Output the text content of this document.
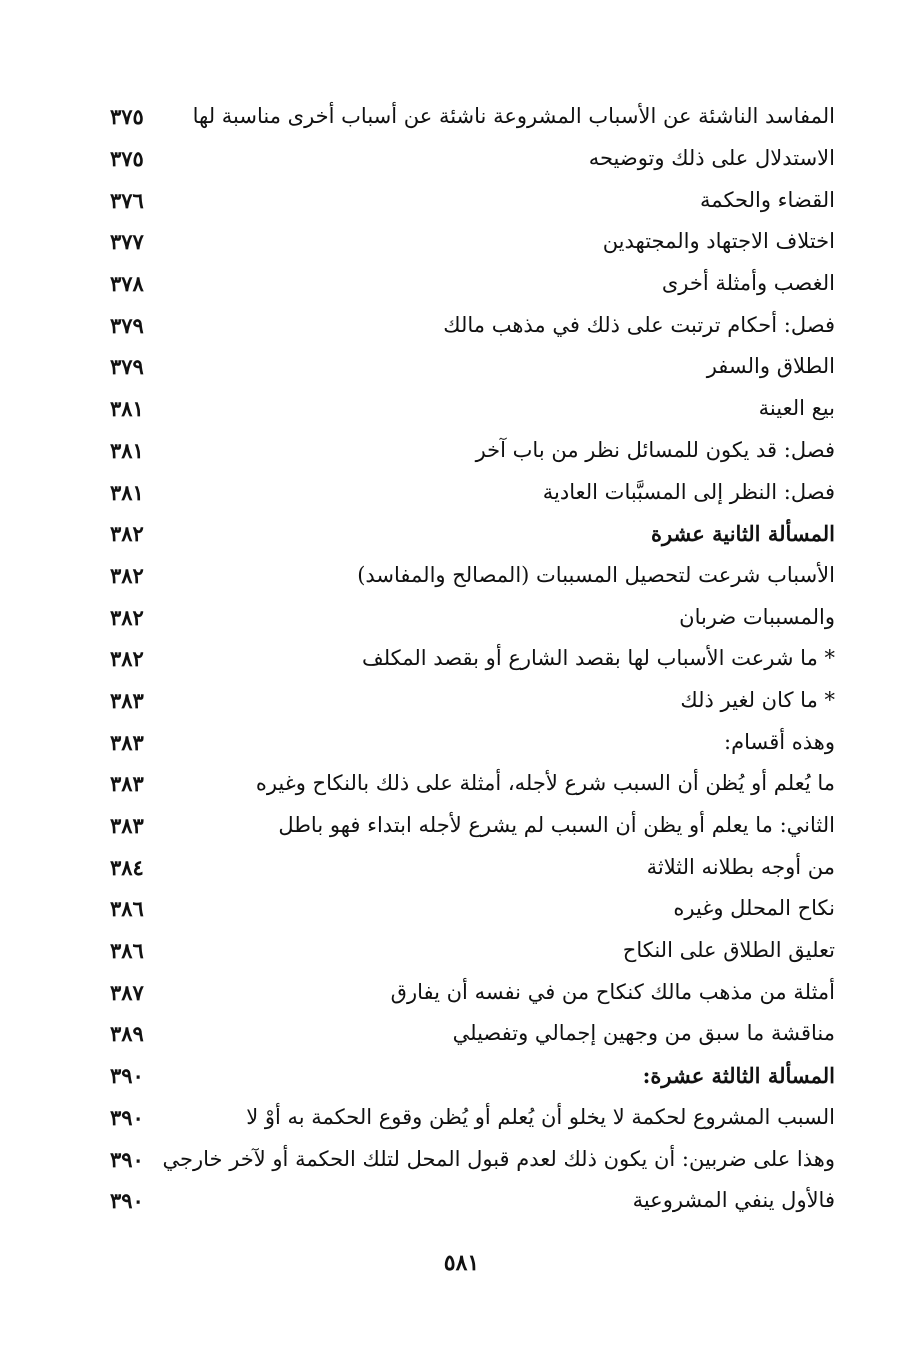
المفاسد الناشئة عن الأسباب المشروعة ناشئة عن أسباب أخرى مناسبة لها
٣٧٥
الاستدلال على ذلك وتوضيحه
٣٧٥
القضاء والحكمة
٣٧٦
اختلاف الاجتهاد والمجتهدين
٣٧٧
الغصب وأمثلة أخرى
٣٧٨
فصل: أحكام ترتبت على ذلك في مذهب مالك
٣٧٩
الطلاق والسفر
٣٧٩
بيع العينة
٣٨١
فصل: قد يكون للمسائل نظر من باب آخر
٣٨١
فصل: النظر إلى المسبَّبات العادية
٣٨١
المسألة الثانية عشرة
٣٨٢
الأسباب شرعت لتحصيل المسببات (المصالح والمفاسد)
٣٨٢
والمسببات ضربان
٣٨٢
* ما شرعت الأسباب لها بقصد الشارع أو بقصد المكلف
٣٨٢
* ما كان لغير ذلك
٣٨٣
وهذه أقسام:
٣٨٣
ما يُعلم أو يُظن أن السبب شرع لأجله، أمثلة على ذلك بالنكاح وغيره
٣٨٣
الثاني: ما يعلم أو يظن أن السبب لم يشرع لأجله ابتداء فهو باطل
٣٨٣
من أوجه بطلانه الثلاثة
٣٨٤
نكاح المحلل وغيره
٣٨٦
تعليق الطلاق على النكاح
٣٨٦
أمثلة من مذهب مالك كنكاح من في نفسه أن يفارق
٣٨٧
مناقشة ما سبق من وجهين إجمالي وتفصيلي
٣٨٩
المسألة الثالثة عشرة:
٣٩٠
السبب المشروع لحكمة لا يخلو أن يُعلم أو يُظن وقوع الحكمة به أوْ لا
٣٩٠
وهذا على ضربين: أن يكون ذلك لعدم قبول المحل لتلك الحكمة أو لآخر خارجي
٣٩٠
فالأول ينفي المشروعية
٣٩٠
٥٨١
